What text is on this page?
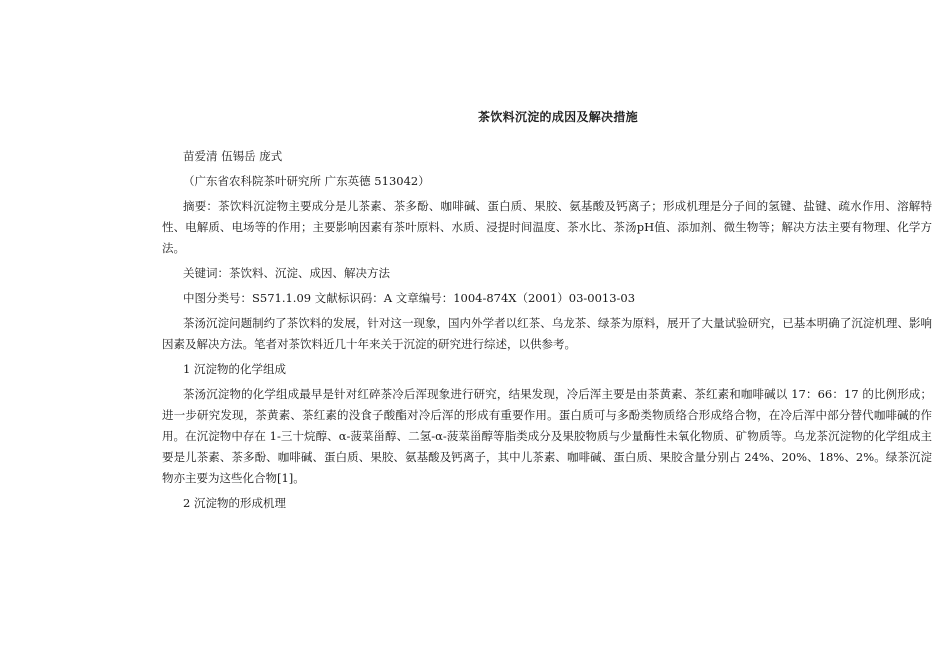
茶饮料沉淀的成因及解决措施

苗爱清 伍锡岳 庞式

（广东省农科院茶叶研究所 广东英德 513042）

摘要：茶饮料沉淀物主要成分是儿茶素、茶多酚、咖啡碱、蛋白质、果胶、氨基酸及钙离子；形成机理是分子间的氢键、盐键、疏水作用、溶解特性、电解质、电场等的作用；主要影响因素有茶叶原料、水质、浸提时间温度、茶水比、茶汤pH值、添加剂、微生物等；解决方法主要有物理、化学方法。

关键词：茶饮料、沉淀、成因、解决方法

中图分类号：S571.1.09 文献标识码：A 文章编号：1004-874X（2001）03-0013-03

茶汤沉淀问题制约了茶饮料的发展，针对这一现象，国内外学者以红茶、乌龙茶、绿茶为原料，展开了大量试验研究，已基本明确了沉淀机理、影响因素及解决方法。笔者对茶饮料近几十年来关于沉淀的研究进行综述，以供参考。

1 沉淀物的化学组成

茶汤沉淀物的化学组成最早是针对红碎茶冷后浑现象进行研究，结果发现，冷后浑主要是由茶黄素、茶红素和咖啡碱以 17：66：17 的比例形成；进一步研究发现，茶黄素、茶红素的没食子酸酯对冷后浑的形成有重要作用。蛋白质可与多酚类物质络合形成络合物，在冷后浑中部分替代咖啡碱的作用。在沉淀物中存在 1-三十烷醇、α-菠菜甾醇、二氢-α-菠菜甾醇等脂类成分及果胶物质与少量酶性未氧化物质、矿物质等。乌龙茶沉淀物的化学组成主要是儿茶素、茶多酚、咖啡碱、蛋白质、果胶、氨基酸及钙离子，其中儿茶素、咖啡碱、蛋白质、果胶含量分别占 24%、20%、18%、2%。绿茶沉淀物亦主要为这些化合物[1]。

2 沉淀物的形成机理
